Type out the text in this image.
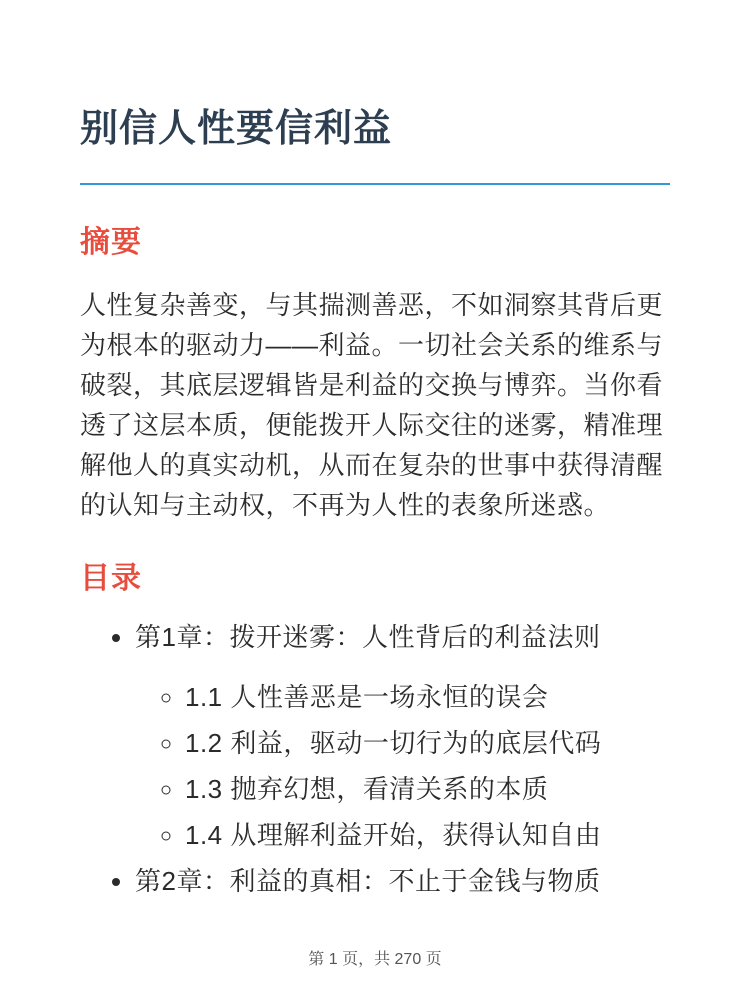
别信人性要信利益
摘要

人性复杂善变，与其揣测善恶，不如洞察其背后更为根本的驱动力——利益。一切社会关系的维系与破裂，其底层逻辑皆是利益的交换与博弈。当你看透了这层本质，便能拨开人际交往的迷雾，精准理解他人的真实动机，从而在复杂的世事中获得清醒的认知与主动权，不再为人性的表象所迷惑。

目录
• 第1章：拨开迷雾：人性背后的利益法则
◦ 1.1 人性善恶是一场永恒的误会
◦ 1.2 利益，驱动一切行为的底层代码
◦ 1.3 抛弃幻想，看清关系的本质
◦ 1.4 从理解利益开始，获得认知自由
• 第2章：利益的真相：不止于金钱与物质
第 1 页，共 270 页
